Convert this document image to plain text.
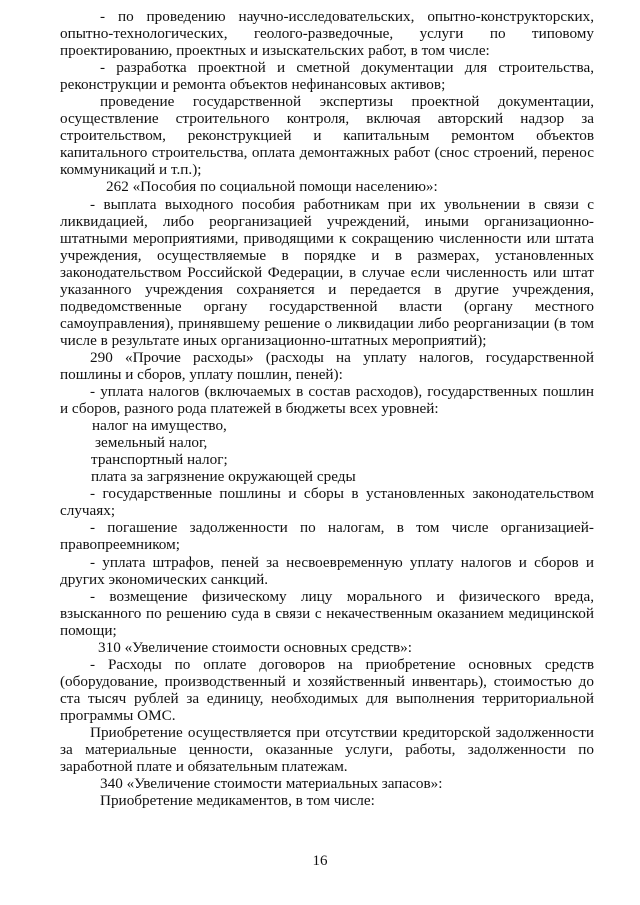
- по проведению научно-исследовательских, опытно-конструкторских, опытно-технологических, геолого-разведочные, услуги по типовому проектированию, проектных и изыскательских работ, в том числе:

- разработка проектной и сметной документации для строительства, реконструкции и ремонта объектов нефинансовых активов;

проведение государственной экспертизы проектной документации, осуществление строительного контроля, включая авторский надзор за строительством, реконструкцией и капитальным ремонтом объектов капитального строительства, оплата демонтажных работ (снос строений, перенос коммуникаций и т.п.);

262 «Пособия по социальной помощи населению»:

- выплата выходного пособия работникам при их увольнении в связи с ликвидацией, либо реорганизацией учреждений, иными организационно-штатными мероприятиями, приводящими к сокращению численности или штата учреждения, осуществляемые в порядке и в размерах, установленных законодательством Российской Федерации, в случае если численность или штат указанного учреждения сохраняется и передается в другие учреждения, подведомственные органу государственной власти (органу местного самоуправления), принявшему решение о ликвидации либо реорганизации (в том числе в результате иных организационно-штатных мероприятий);

290 «Прочие расходы» (расходы на уплату налогов, государственной пошлины и сборов, уплату пошлин, пеней):

- уплата налогов (включаемых в состав расходов), государственных пошлин и сборов, разного рода платежей в бюджеты всех уровней:

налог на имущество,

земельный налог,

транспортный налог;

плата за загрязнение окружающей среды

- государственные пошлины и сборы в установленных законодательством случаях;

- погашение задолженности по налогам, в том числе организацией-правопреемником;

- уплата штрафов, пеней за несвоевременную уплату налогов и сборов и других экономических санкций.

- возмещение физическому лицу морального и физического вреда, взысканного по решению суда в связи с некачественным оказанием медицинской помощи;

310 «Увеличение стоимости основных средств»:

- Расходы по оплате договоров на приобретение основных средств (оборудование, производственный и хозяйственный инвентарь), стоимостью до ста тысяч рублей за единицу, необходимых для выполнения территориальной программы ОМС.

Приобретение осуществляется при отсутствии кредиторской задолженности за материальные ценности, оказанные услуги, работы, задолженности по заработной плате и обязательным платежам.

340 «Увеличение стоимости материальных запасов»:

Приобретение медикаментов, в том числе:

16
